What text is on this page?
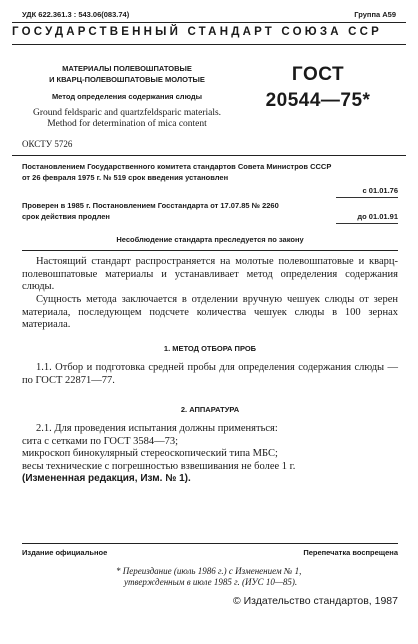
УДК 622.361.3 : 543.06(083.74)	Группа А59
ГОСУДАРСТВЕННЫЙ СТАНДАРТ СОЮЗА ССР
МАТЕРИАЛЫ ПОЛЕВОШПАТОВЫЕ
И КВАРЦ-ПОЛЕВОШПАТОВЫЕ МОЛОТЫЕ
Метод определения содержания слюды
Ground feldsparic and quartzfeldsparic materials.
Method for determination of mica content
ГОСТ
20544—75*
ОКСТУ 5726
Постановлением Государственного комитета стандартов Совета Министров СССР
от 26 февраля 1975 г. № 519 срок введения установлен
с 01.01.76
Проверен в 1985 г. Постановлением Госстандарта от 17.07.85 № 2260
срок действия продлен	до 01.01.91
Несоблюдение стандарта преследуется по закону
Настоящий стандарт распространяется на молотые полевошпатовые и кварц-полевошпатовые материалы и устанавливает метод определения содержания слюды.
Сущность метода заключается в отделении вручную чешуек слюды от зерен материала, последующем подсчете количества чешуек слюды в 100 зернах материала.
1. МЕТОД ОТБОРА ПРОБ
1.1. Отбор и подготовка средней пробы для определения содержания слюды — по ГОСТ 22871—77.
2. АППАРАТУРА
2.1. Для проведения испытания должны применяться:
сита с сетками по ГОСТ 3584—73;
микроскоп бинокулярный стереоскопический типа МБС;
весы технические с погрешностью взвешивания не более 1 г.
(Измененная редакция, Изм. № 1).
Издание официальное	Перепечатка воспрещена
* Переиздание (июль 1986 г.) с Изменением № 1,
утвержденным в июле 1985 г. (ИУС 10—85).
© Издательство стандартов, 1987
